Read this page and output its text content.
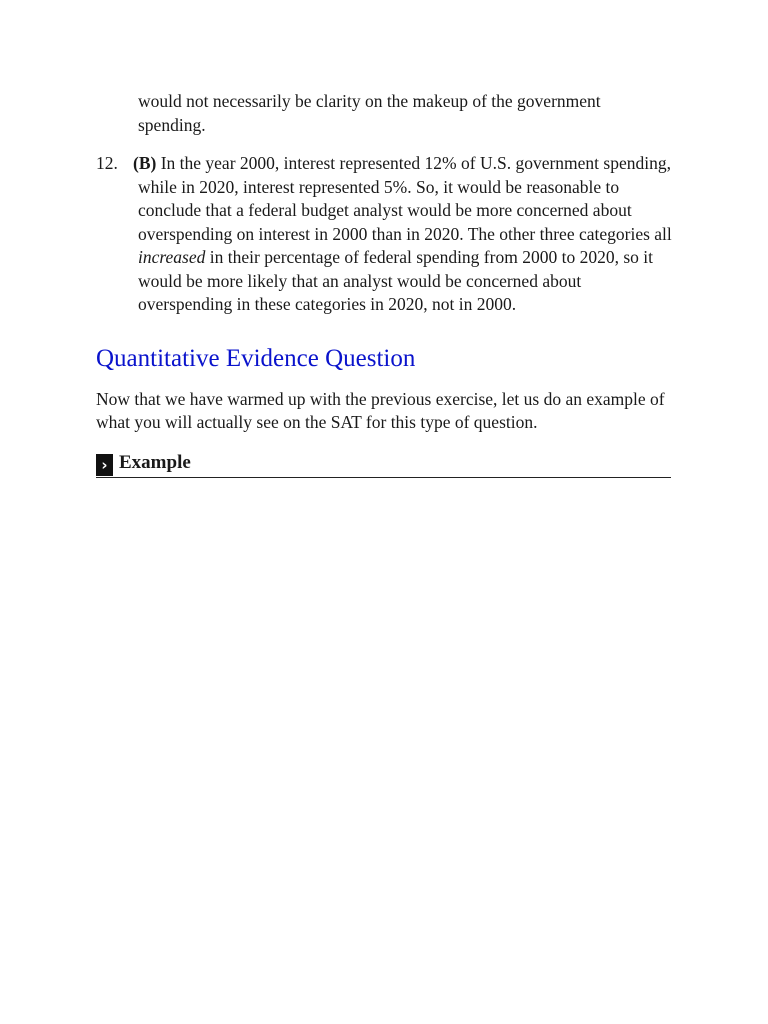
would not necessarily be clarity on the makeup of the government spending.

12. (B) In the year 2000, interest represented 12% of U.S. government spending, while in 2020, interest represented 5%. So, it would be reasonable to conclude that a federal budget analyst would be more concerned about overspending on interest in 2000 than in 2020. The other three categories all increased in their percentage of federal spending from 2000 to 2020, so it would be more likely that an analyst would be concerned about overspending in these categories in 2020, not in 2000.
Quantitative Evidence Question

Now that we have warmed up with the previous exercise, let us do an example of what you will actually see on the SAT for this type of question.

› Example
